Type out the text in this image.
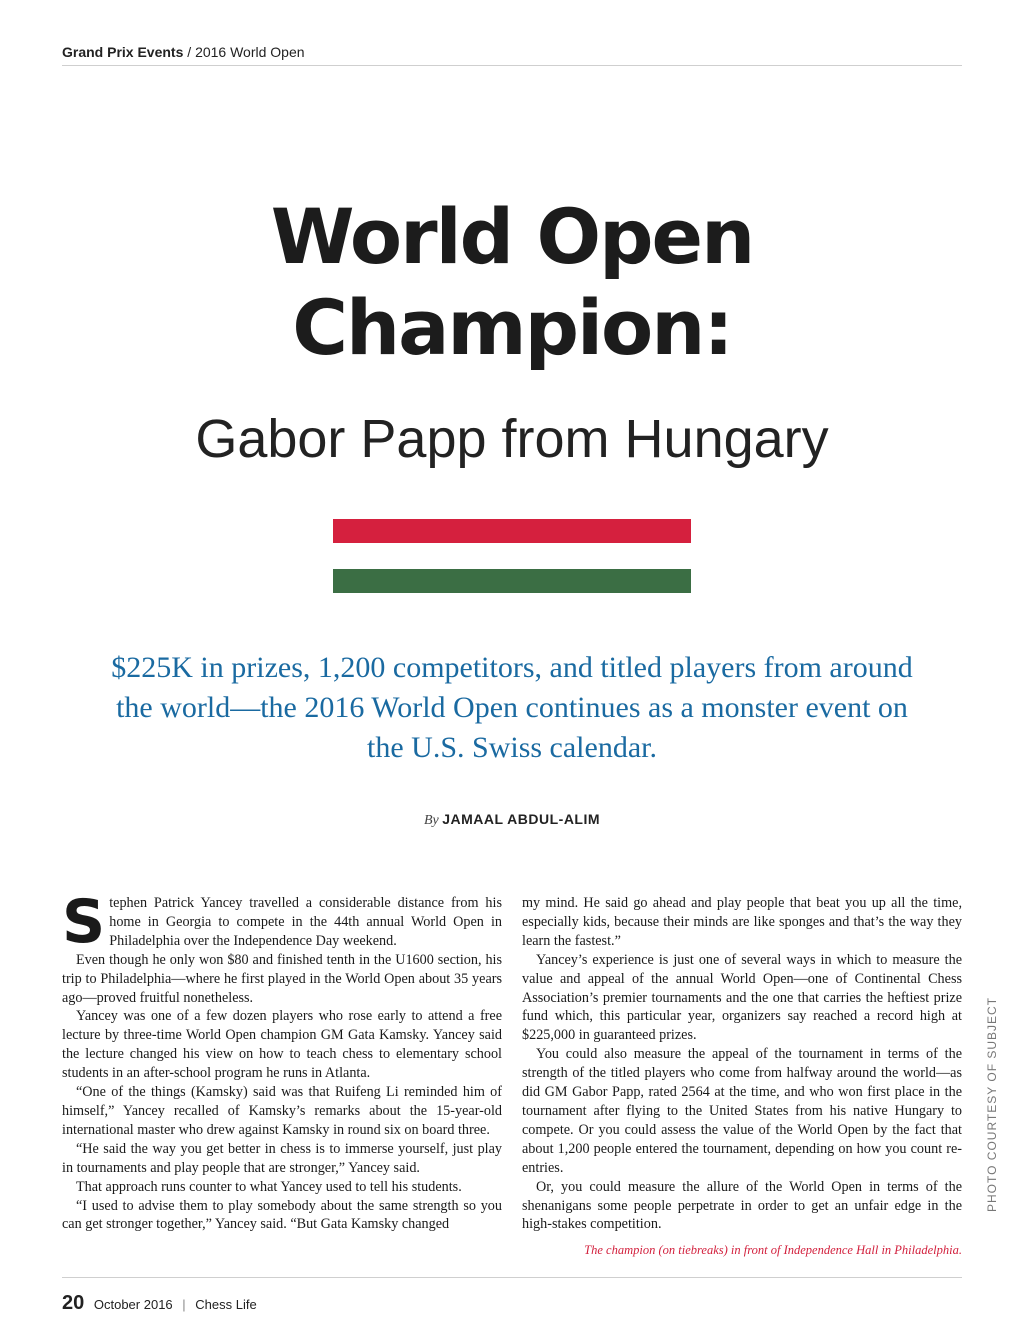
Grand Prix Events / 2016 World Open
World Open
Champion:
Gabor Papp from Hungary
$225K in prizes, 1,200 competitors, and titled players from around the world—the 2016 World Open continues as a monster event on the U.S. Swiss calendar.
By JAMAAL ABDUL-ALIM

Stephen Patrick Yancey travelled a considerable distance from his home in Georgia to compete in the 44th annual World Open in Philadelphia over the Independence Day weekend.

Even though he only won $80 and finished tenth in the U1600 section, his trip to Philadelphia—where he first played in the World Open about 35 years ago—proved fruitful nonetheless.

Yancey was one of a few dozen players who rose early to attend a free lecture by three-time World Open champion GM Gata Kamsky. Yancey said the lecture changed his view on how to teach chess to elementary school students in an after-school program he runs in Atlanta.

“One of the things (Kamsky) said was that Ruifeng Li reminded him of himself,” Yancey recalled of Kamsky’s remarks about the 15-year-old international master who drew against Kamsky in round six on board three.

“He said the way you get better in chess is to immerse yourself, just play in tournaments and play people that are stronger,” Yancey said.

That approach runs counter to what Yancey used to tell his students.

“I used to advise them to play somebody about the same strength so you can get stronger together,” Yancey said. “But Gata Kamsky changed

my mind. He said go ahead and play people that beat you up all the time, especially kids, because their minds are like sponges and that’s the way they learn the fastest.”

Yancey’s experience is just one of several ways in which to measure the value and appeal of the annual World Open—one of Continental Chess Association’s premier tournaments and the one that carries the heftiest prize fund which, this particular year, organizers say reached a record high at $225,000 in guaranteed prizes.

You could also measure the appeal of the tournament in terms of the strength of the titled players who come from halfway around the world—as did GM Gabor Papp, rated 2564 at the time, and who won first place in the tournament after flying to the United States from his native Hungary to compete. Or you could assess the value of the World Open by the fact that about 1,200 people entered the tournament, depending on how you count re-entries.

Or, you could measure the allure of the World Open in terms of the shenanigans some people perpetrate in order to get an unfair edge in the high-stakes competition.

PHOTO COURTESY OF SUBJECT
The champion (on tiebreaks) in front of Independence Hall in Philadelphia.
20 October 2016 | Chess Life
